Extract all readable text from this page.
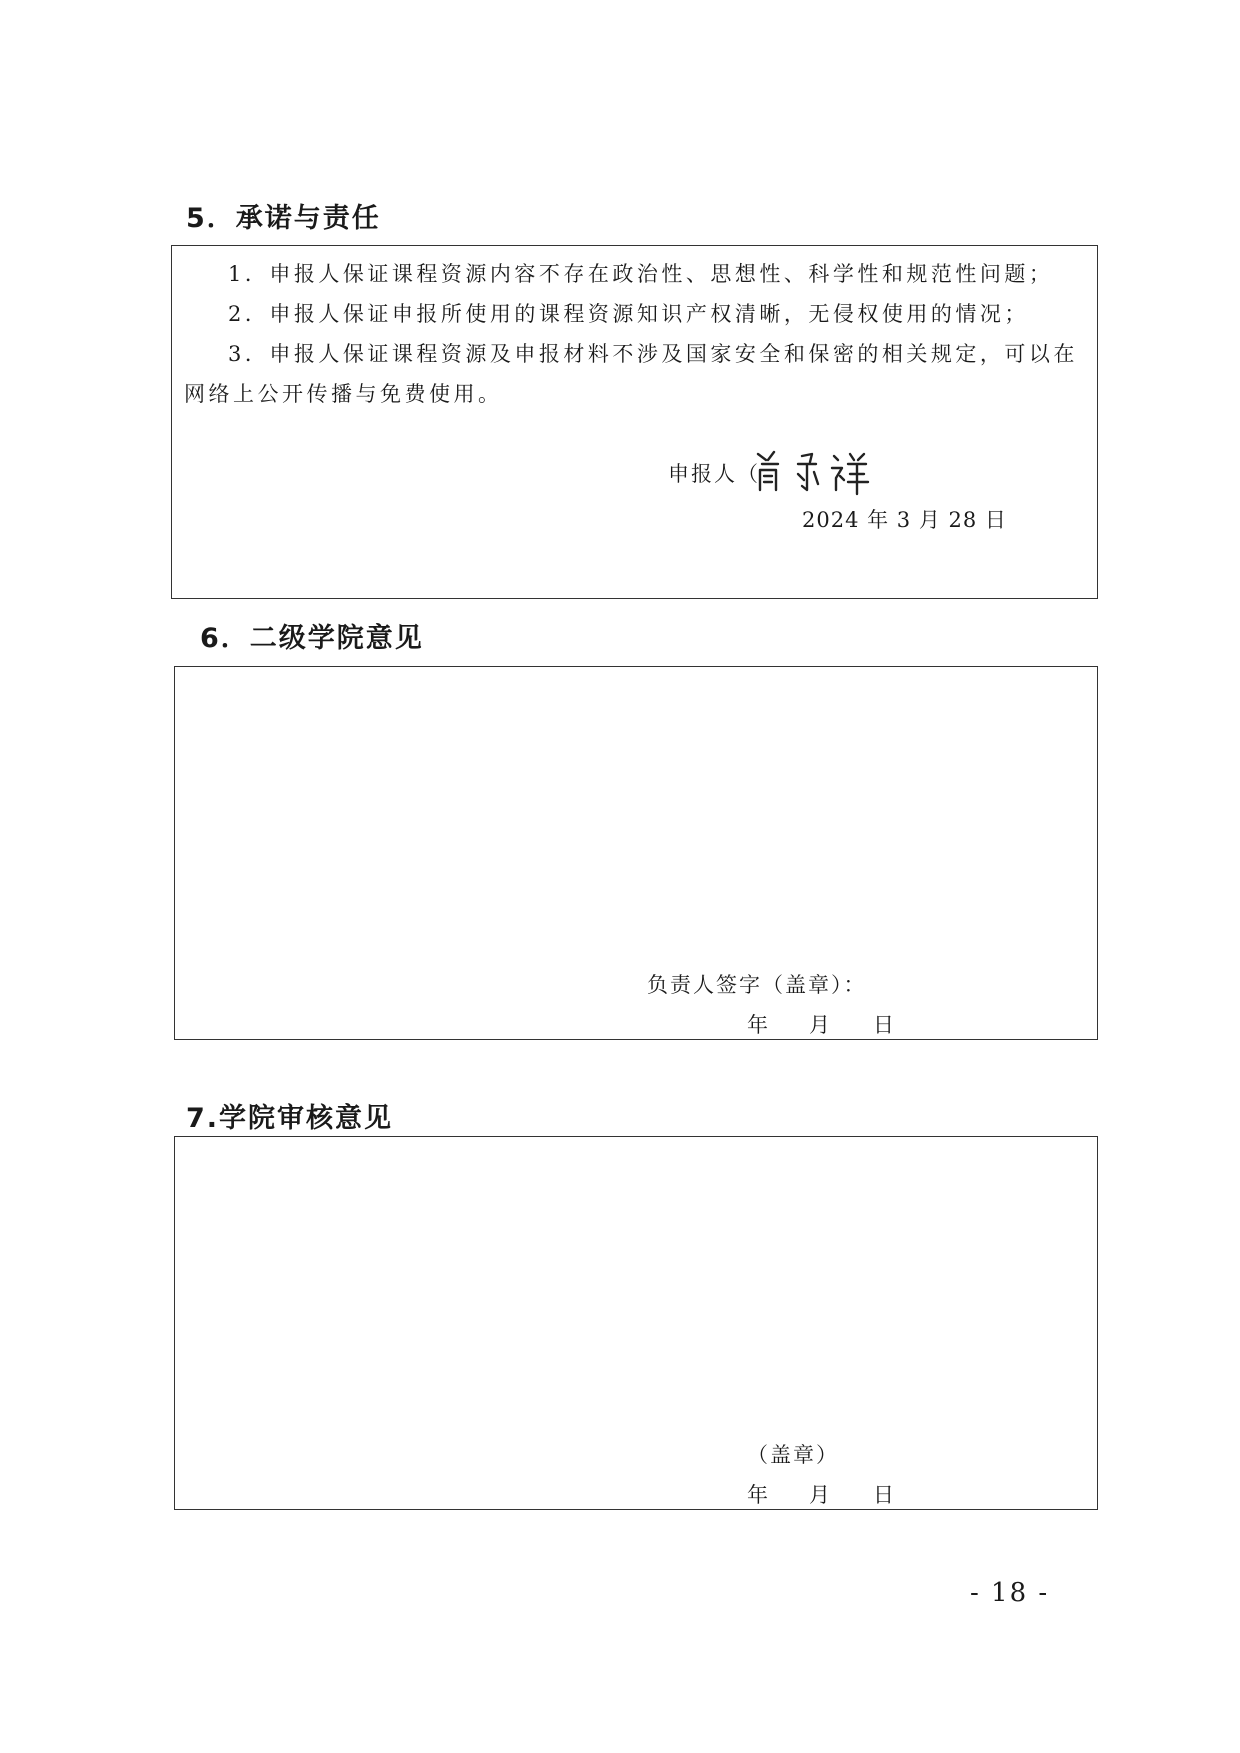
5．承诺与责任

1．申报人保证课程资源内容不存在政治性、思想性、科学性和规范性问题；

2．申报人保证申报所使用的课程资源知识产权清晰，无侵权使用的情况；

3．申报人保证课程资源及申报材料不涉及国家安全和保密的相关规定，可以在

网络上公开传播与免费使用。

申报人（
2024 年 3 月 28 日
6．二级学院意见
负责人签字（盖章）：
年 月 日
7.学院审核意见
（盖章）
年 月 日
- 18 -
